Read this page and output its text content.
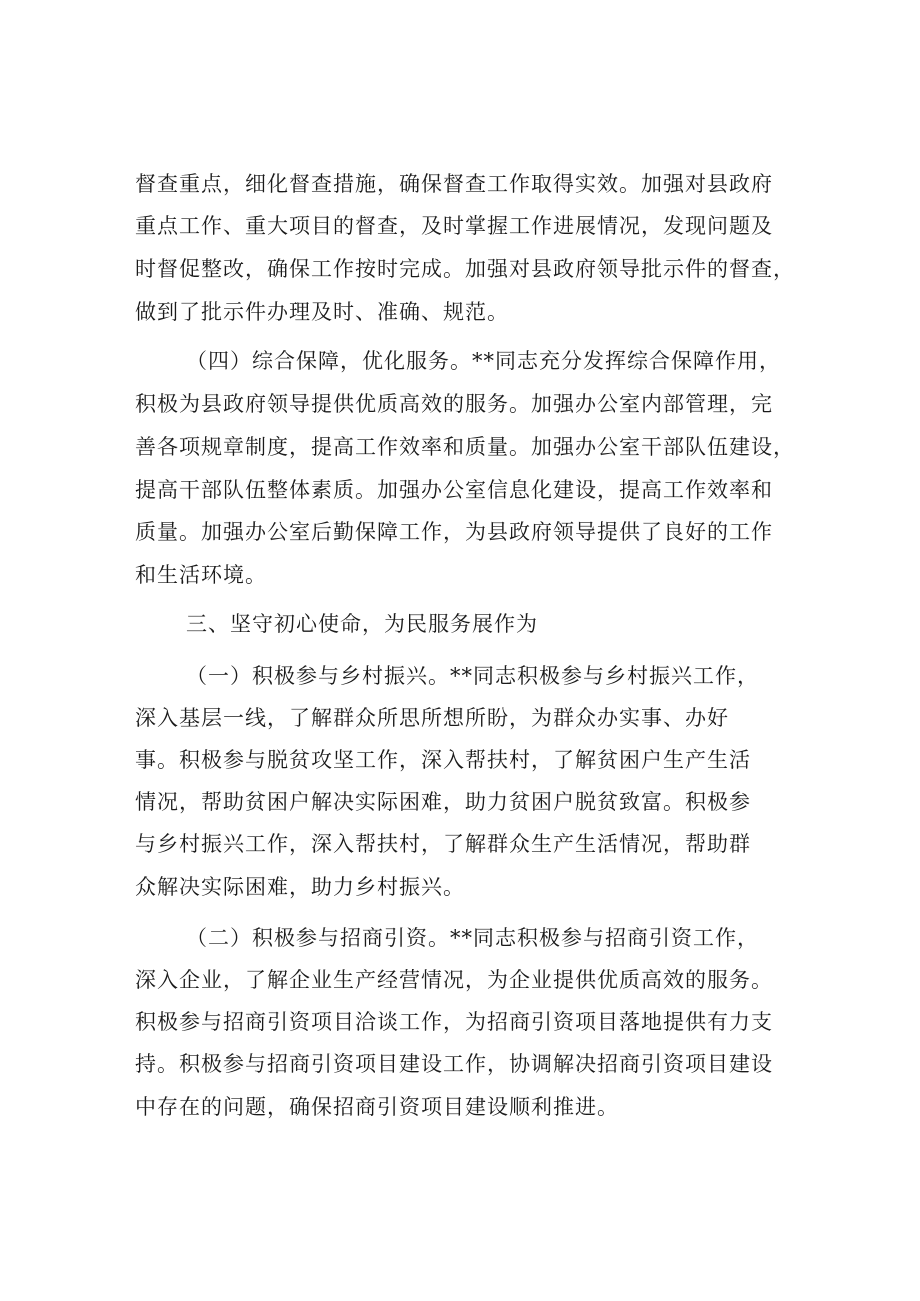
督查重点，细化督查措施，确保督查工作取得实效。加强对县政府
重点工作、重大项目的督查，及时掌握工作进展情况，发现问题及
时督促整改，确保工作按时完成。加强对县政府领导批示件的督查，
做到了批示件办理及时、准确、规范。
（四）综合保障，优化服务。**同志充分发挥综合保障作用，
积极为县政府领导提供优质高效的服务。加强办公室内部管理，完
善各项规章制度，提高工作效率和质量。加强办公室干部队伍建设，
提高干部队伍整体素质。加强办公室信息化建设，提高工作效率和
质量。加强办公室后勤保障工作，为县政府领导提供了良好的工作
和生活环境。
三、坚守初心使命，为民服务展作为
（一）积极参与乡村振兴。**同志积极参与乡村振兴工作，
深入基层一线，了解群众所思所想所盼，为群众办实事、办好
事。积极参与脱贫攻坚工作，深入帮扶村，了解贫困户生产生活
情况，帮助贫困户解决实际困难，助力贫困户脱贫致富。积极参
与乡村振兴工作，深入帮扶村，了解群众生产生活情况，帮助群
众解决实际困难，助力乡村振兴。
（二）积极参与招商引资。**同志积极参与招商引资工作，
深入企业，了解企业生产经营情况，为企业提供优质高效的服务。
积极参与招商引资项目洽谈工作，为招商引资项目落地提供有力支
持。积极参与招商引资项目建设工作，协调解决招商引资项目建设
中存在的问题，确保招商引资项目建设顺利推进。
